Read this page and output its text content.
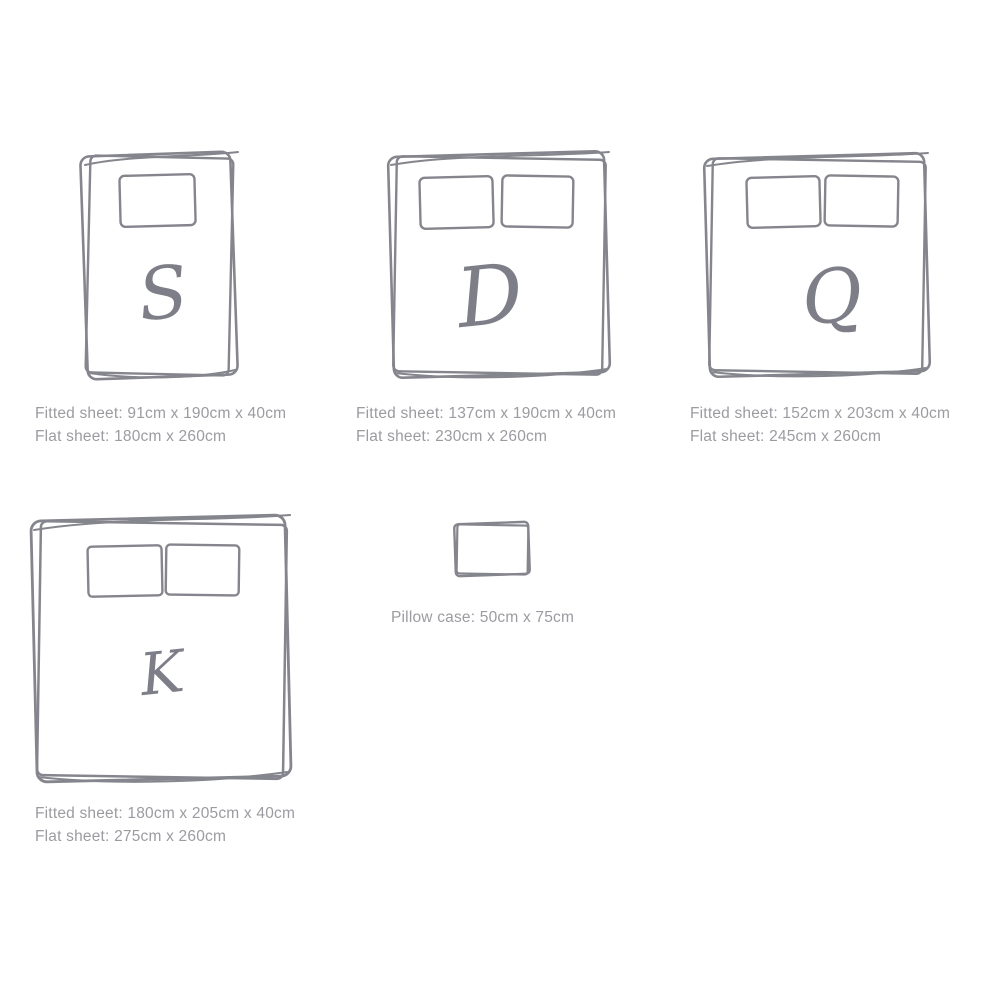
S
Fitted sheet: 91cm x 190cm x 40cm
Flat sheet: 180cm x 260cm
D
Fitted sheet: 137cm x 190cm x 40cm
Flat sheet: 230cm x 260cm
Q
Fitted sheet: 152cm x 203cm x 40cm
Flat sheet: 245cm x 260cm
K
Fitted sheet: 180cm x 205cm x 40cm
Flat sheet: 275cm x 260cm
Pillow case: 50cm x 75cm
